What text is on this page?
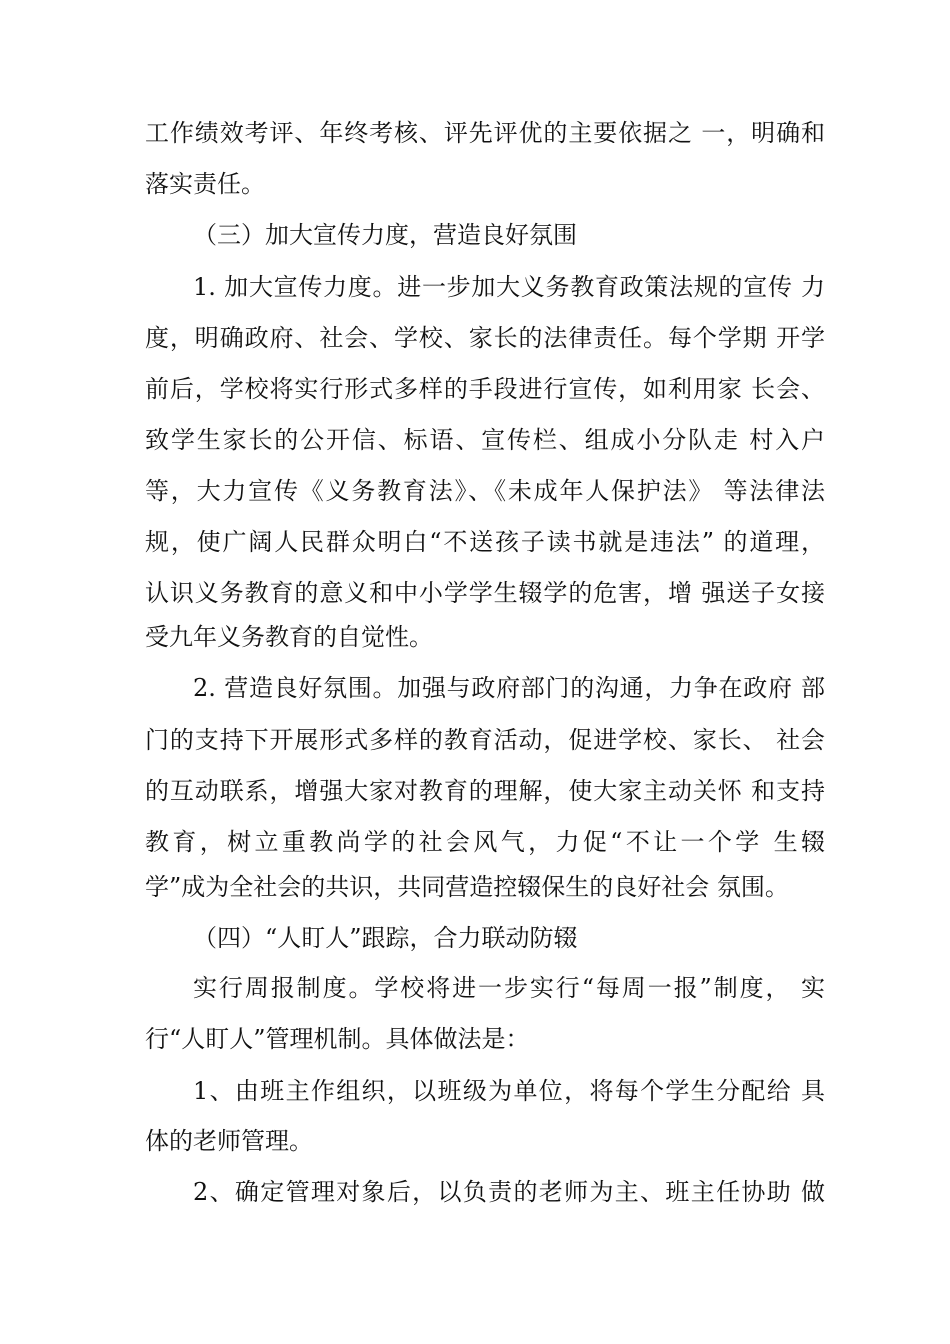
工作绩效考评、年终考核、评先评优的主要依据之 一，明确和
落实责任。
（三）加大宣传力度，营造良好氛围
1. 加大宣传力度。进一步加大义务教育政策法规的宣传 力
度，明确政府、社会、学校、家长的法律责任。每个学期 开学
前后，学校将实行形式多样的手段进行宣传，如利用家 长会、
致学生家长的公开信、标语、宣传栏、组成小分队走 村入户
等，大力宣传《义务教育法》、《未成年人保护法》 等法律法
规，使广阔人民群众明白“不送孩子读书就是违法” 的道理，
认识义务教育的意义和中小学学生辍学的危害，增 强送子女接
受九年义务教育的自觉性。
2. 营造良好氛围。加强与政府部门的沟通，力争在政府 部
门的支持下开展形式多样的教育活动，促进学校、家长、 社会
的互动联系，增强大家对教育的理解，使大家主动关怀 和支持
教育，树立重教尚学的社会风气，力促“不让一个学 生辍
学”成为全社会的共识，共同营造控辍保生的良好社会 氛围。
（四）“人盯人”跟踪，合力联动防辍
实行周报制度。学校将进一步实行“每周一报”制度， 实
行“人盯人”管理机制。具体做法是：
1、由班主作组织，以班级为单位，将每个学生分配给 具
体的老师管理。
2、确定管理对象后，以负责的老师为主、班主任协助 做
